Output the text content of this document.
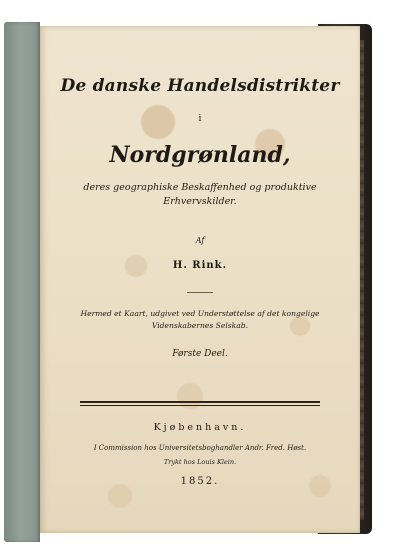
De danske Handelsdistrikter
i
Nordgrønland,
deres geographiske Beskaffenhed og produktive
Erhvervskilder.
Af
H. Rink.
Hermed et Kaart, udgivet ved Understøttelse af det kongelige
Videnskabernes Selskab.
Første Deel.
Kjøbenhavn.
I Commission hos Universitetsboghandler Andr. Fred. Høst.
Trykt hos Louis Klein.
1852.
